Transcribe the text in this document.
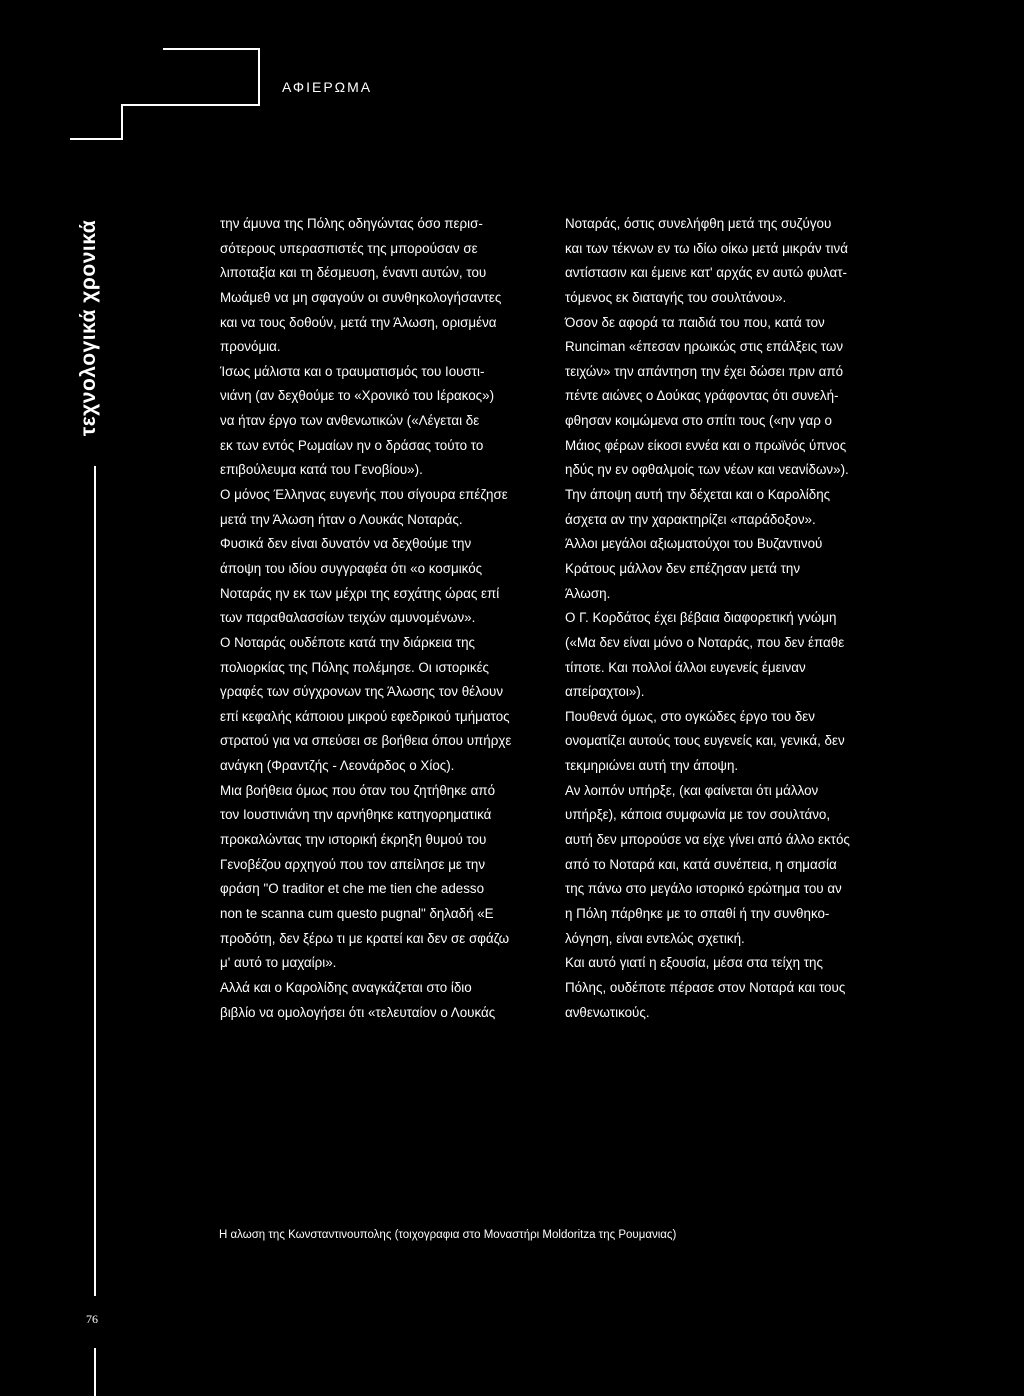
ΑΦΙΕΡΩΜΑ
τεχνολογικά χρονικά	την άμυνα της Πόλης οδηγώντας όσο περισ-
σότερους υπερασπιστές της μπορούσαν σε
λιποταξία και τη δέσμευση, έναντι αυτών, του
Μωάμεθ να μη σφαγούν οι συνθηκολογήσαντες
και να τους δοθούν, μετά την Άλωση, ορισμένα
προνόμια.
Ίσως μάλιστα και ο τραυματισμός του Ιουστι-
νιάνη (αν δεχθούμε το «Χρονικό του Ιέρακος»)
να ήταν έργο των ανθενωτικών («Λέγεται δε
εκ των εντός Ρωμαίων ην ο δράσας τούτο το
επιβούλευμα κατά του Γενοβίου»).
Ο μόνος Έλληνας ευγενής που σίγουρα επέζησε
μετά την Άλωση ήταν ο Λουκάς Νοταράς.
Φυσικά δεν είναι δυνατόν να δεχθούμε την
άποψη του ιδίου συγγραφέα ότι «ο κοσμικός
Νοταράς ην εκ των μέχρι της εσχάτης ώρας επί
των παραθαλασσίων τειχών αμυνομένων».
Ο Νοταράς ουδέποτε κατά την διάρκεια της
πολιορκίας της Πόλης πολέμησε. Οι ιστορικές
γραφές των σύγχρονων της Άλωσης τον θέλουν
επί κεφαλής κάποιου μικρού εφεδρικού τμήματος
στρατού για να σπεύσει σε βοήθεια όπου υπήρχε
ανάγκη (Φραντζής - Λεονάρδος ο Χίος).
Μια βοήθεια όμως που όταν του ζητήθηκε από
τον Ιουστινιάνη την αρνήθηκε κατηγορηματικά
προκαλώντας την ιστορική έκρηξη θυμού του
Γενοβέζου αρχηγού που τον απείλησε με την
φράση "O traditor et che me tien che adesso
non te scanna cum questo pugnal" δηλαδή «Ε
προδότη, δεν ξέρω τι με κρατεί και δεν σε σφάζω
μ' αυτό το μαχαίρι».
Αλλά και ο Καρολίδης αναγκάζεται στο ίδιο
βιβλίο να ομολογήσει ότι «τελευταίον ο Λουκάς
Νοταράς, όστις συνελήφθη μετά της συζύγου
και των τέκνων εν τω ιδίω οίκω μετά μικράν τινά
αντίστασιν και έμεινε κατ' αρχάς εν αυτώ φυλατ-
τόμενος εκ διαταγής του σουλτάνου».
Όσον δε αφορά τα παιδιά του που, κατά τον
Runciman «έπεσαν ηρωικώς στις επάλξεις των
τειχών» την απάντηση την έχει δώσει πριν από
πέντε αιώνες ο Δούκας γράφοντας ότι συνελή-
φθησαν κοιμώμενα στο σπίτι τους («ην γαρ ο
Μάιος φέρων είκοσι εννέα και ο πρωϊνός ύπνος
ηδύς ην εν οφθαλμοίς των νέων και νεανίδων»).
Την άποψη αυτή την δέχεται και ο Καρολίδης
άσχετα αν την χαρακτηρίζει «παράδοξον».
Άλλοι μεγάλοι αξιωματούχοι του Βυζαντινού
Κράτους μάλλον δεν επέζησαν μετά την
Άλωση.
Ο Γ. Κορδάτος έχει βέβαια διαφορετική γνώμη
(«Μα δεν είναι μόνο ο Νοταράς, που δεν έπαθε
τίποτε. Και πολλοί άλλοι ευγενείς έμειναν
απείραχτοι»).
Πουθενά όμως, στο ογκώδες έργο του δεν
ονοματίζει αυτούς τους ευγενείς και, γενικά, δεν
τεκμηριώνει αυτή την άποψη.
Αν λοιπόν υπήρξε, (και φαίνεται ότι μάλλον
υπήρξε), κάποια συμφωνία με τον σουλτάνο,
αυτή δεν μπορούσε να είχε γίνει από άλλο εκτός
από το Νοταρά και, κατά συνέπεια, η σημασία
της πάνω στο μεγάλο ιστορικό ερώτημα του αν
η Πόλη πάρθηκε με το σπαθί ή την συνθηκο-
λόγηση, είναι εντελώς σχετική.
Και αυτό γιατί η εξουσία, μέσα στα τείχη της
Πόλης, ουδέποτε πέρασε στον Νοταρά και τους
ανθενωτικούς.
Η αλωση της Κωνσταντινουπολης (τοιχογραφια στο Μοναστήρι Moldoritza της Ρουμανιας)
76
